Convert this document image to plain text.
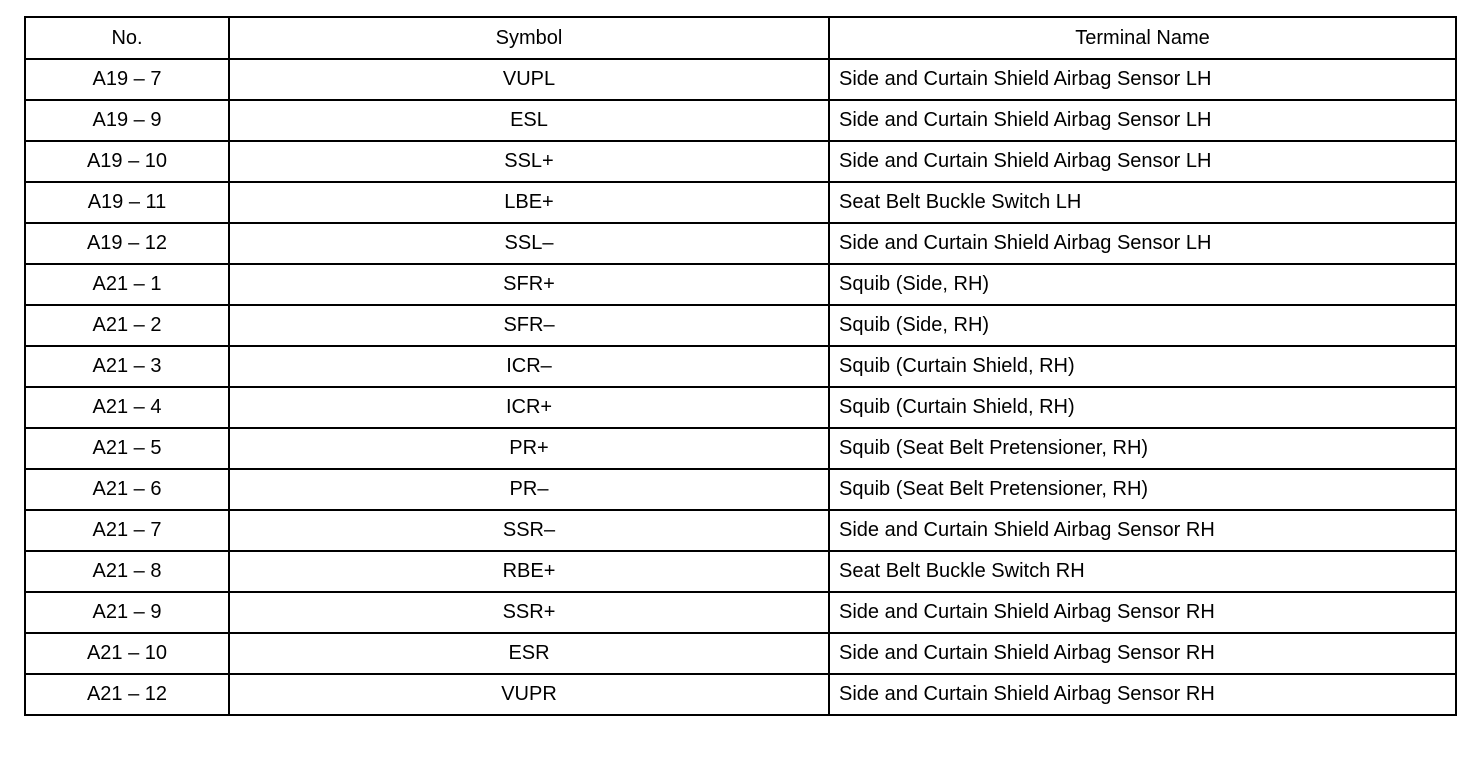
No.	Symbol	Terminal Name
A19 – 7	VUPL	Side and Curtain Shield Airbag Sensor LH
A19 – 9	ESL	Side and Curtain Shield Airbag Sensor LH
A19 – 10	SSL+	Side and Curtain Shield Airbag Sensor LH
A19 – 11	LBE+	Seat Belt Buckle Switch LH
A19 – 12	SSL–	Side and Curtain Shield Airbag Sensor LH
A21 – 1	SFR+	Squib (Side, RH)
A21 – 2	SFR–	Squib (Side, RH)
A21 – 3	ICR–	Squib (Curtain Shield, RH)
A21 – 4	ICR+	Squib (Curtain Shield, RH)
A21 – 5	PR+	Squib (Seat Belt Pretensioner, RH)
A21 – 6	PR–	Squib (Seat Belt Pretensioner, RH)
A21 – 7	SSR–	Side and Curtain Shield Airbag Sensor RH
A21 – 8	RBE+	Seat Belt Buckle Switch RH
A21 – 9	SSR+	Side and Curtain Shield Airbag Sensor RH
A21 – 10	ESR	Side and Curtain Shield Airbag Sensor RH
A21 – 12	VUPR	Side and Curtain Shield Airbag Sensor RH
